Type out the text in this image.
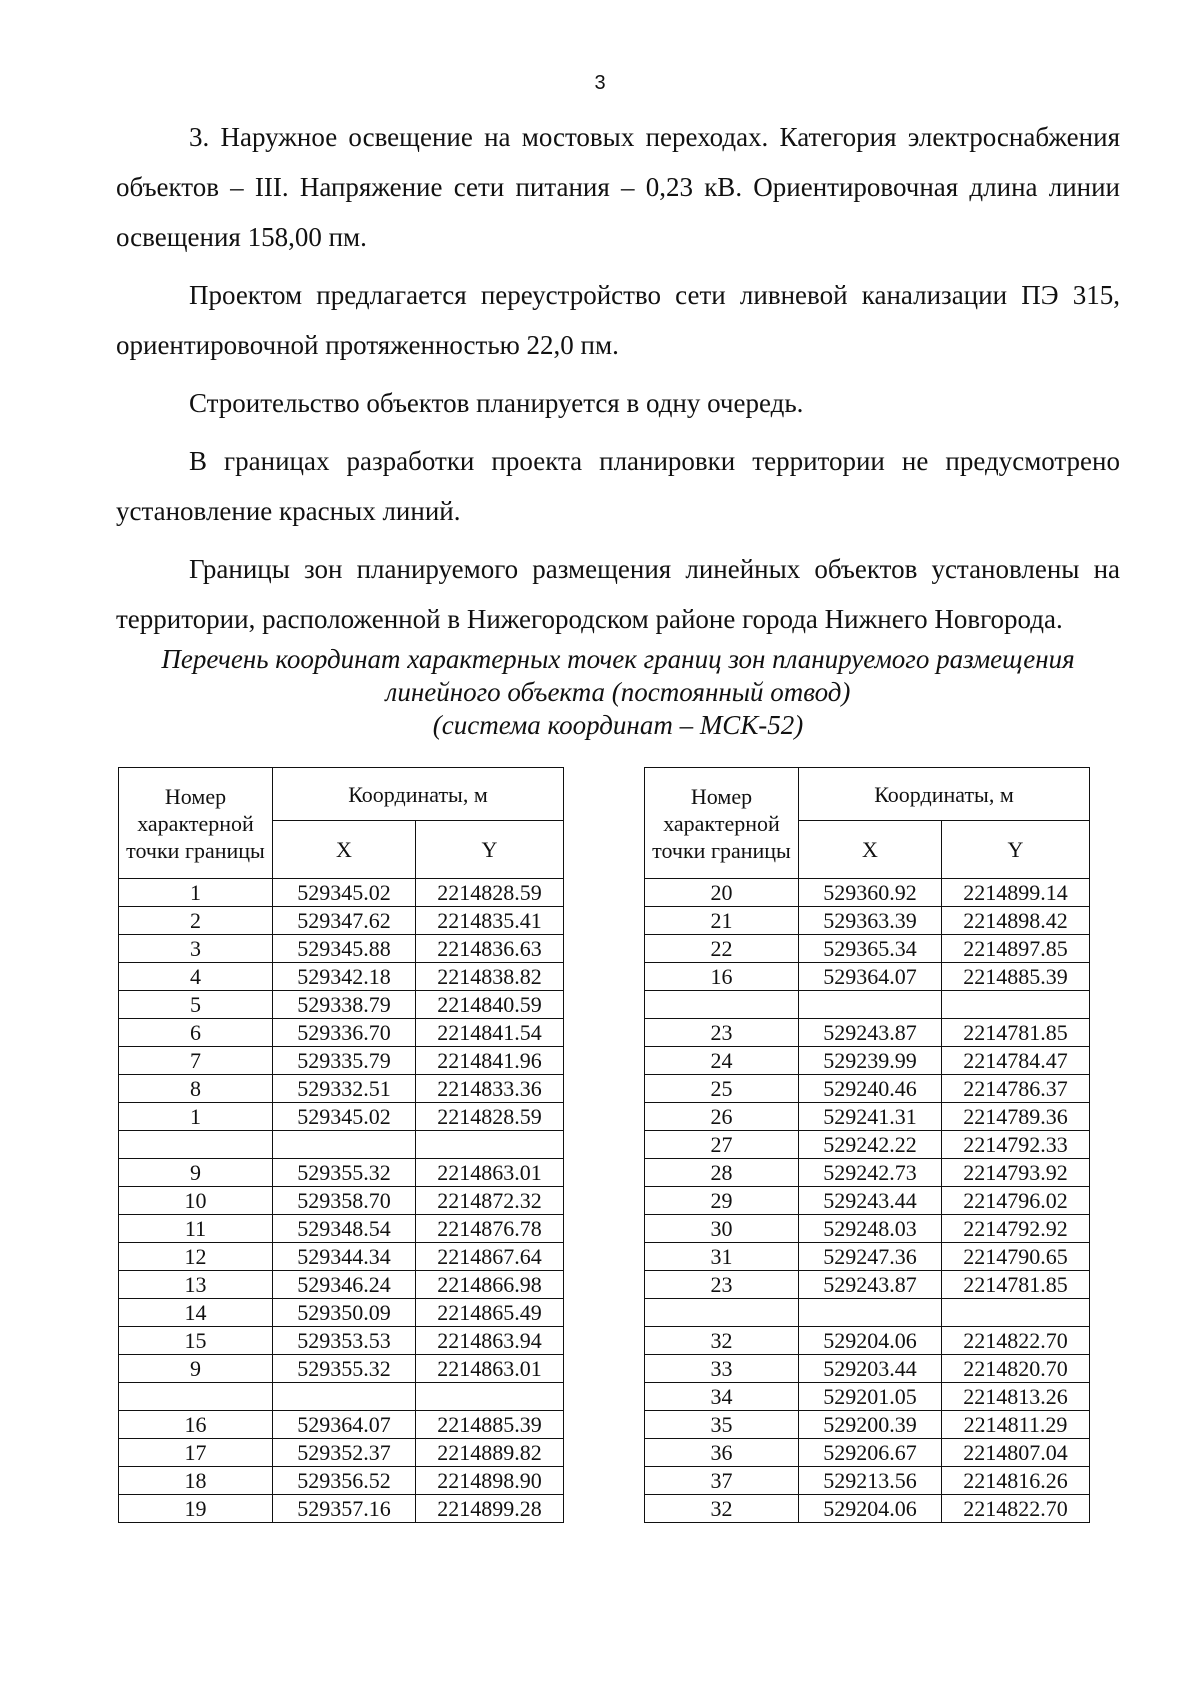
3

3. Наружное освещение на мостовых переходах. Категория электроснабжения объектов – III. Напряжение сети питания – 0,23 кВ. Ориентировочная длина линии освещения 158,00 пм.

Проектом предлагается переустройство сети ливневой канализации ПЭ 315, ориентировочной протяженностью 22,0 пм.

Строительство объектов планируется в одну очередь.

В границах разработки проекта планировки территории не предусмотрено установление красных линий.

Границы зон планируемого размещения линейных объектов установлены на территории, расположенной в Нижегородском районе города Нижнего Новгорода.

Перечень координат характерных точек границ зон планируемого размещения
линейного объекта (постоянный отвод)
(система координат – МСК-52)
Номер характерной точки границы	Координаты, м	
	X	Y
1	529345.02	2214828.59
2	529347.62	2214835.41
3	529345.88	2214836.63
4	529342.18	2214838.82
5	529338.79	2214840.59
6	529336.70	2214841.54
7	529335.79	2214841.96
8	529332.51	2214833.36
1	529345.02	2214828.59

9	529355.32	2214863.01
10	529358.70	2214872.32
11	529348.54	2214876.78
12	529344.34	2214867.64
13	529346.24	2214866.98
14	529350.09	2214865.49
15	529353.53	2214863.94
9	529355.32	2214863.01

16	529364.07	2214885.39
17	529352.37	2214889.82
18	529356.52	2214898.90
19	529357.16	2214899.28
Номер характерной точки границы	Координаты, м	
	X	Y
20	529360.92	2214899.14
21	529363.39	2214898.42
22	529365.34	2214897.85
16	529364.07	2214885.39

23	529243.87	2214781.85
24	529239.99	2214784.47
25	529240.46	2214786.37
26	529241.31	2214789.36
27	529242.22	2214792.33
28	529242.73	2214793.92
29	529243.44	2214796.02
30	529248.03	2214792.92
31	529247.36	2214790.65
23	529243.87	2214781.85

32	529204.06	2214822.70
33	529203.44	2214820.70
34	529201.05	2214813.26
35	529200.39	2214811.29
36	529206.67	2214807.04
37	529213.56	2214816.26
32	529204.06	2214822.70
